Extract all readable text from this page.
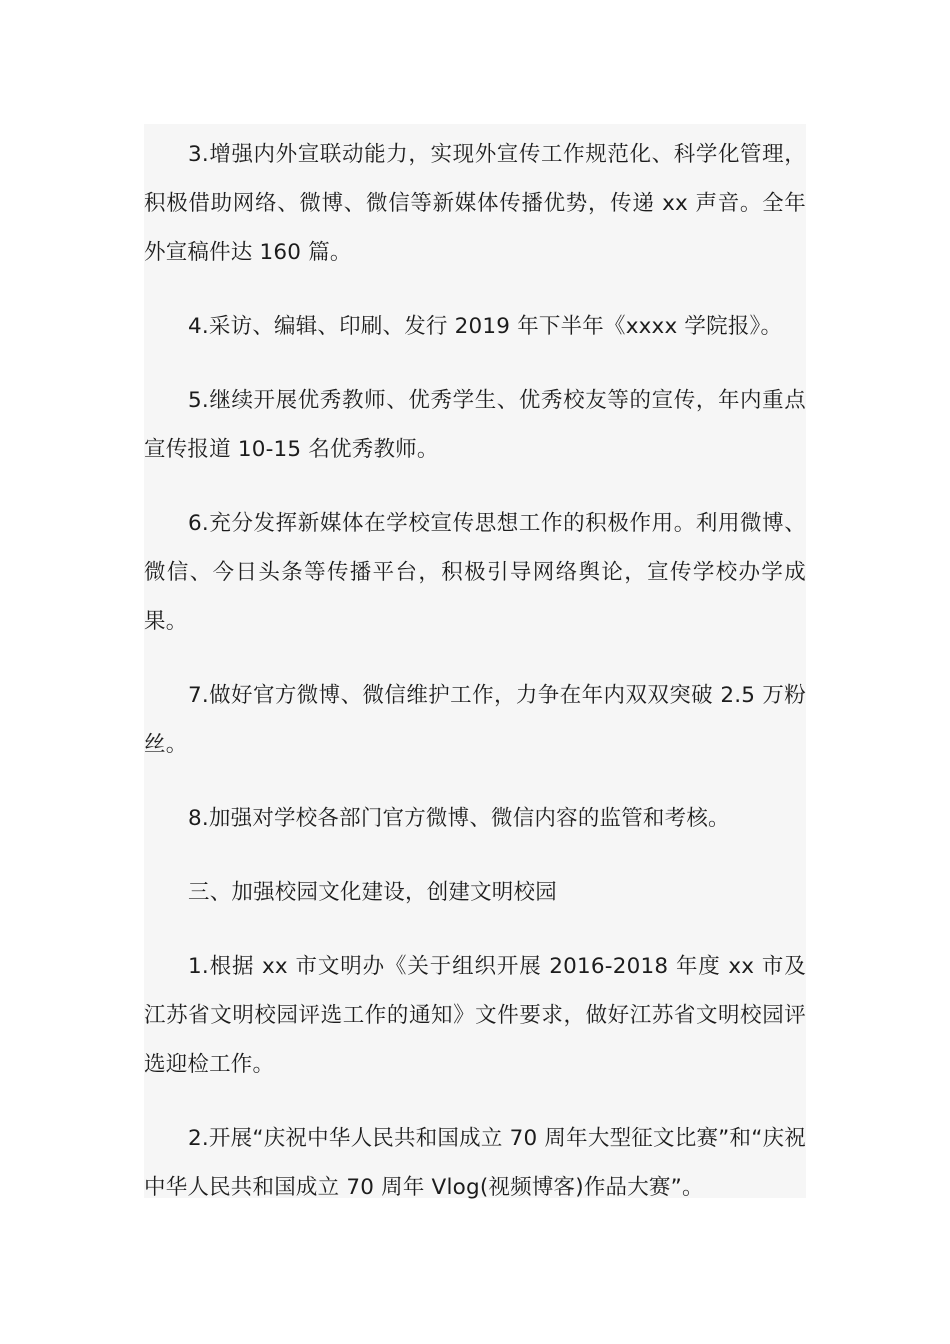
3.增强内外宣联动能力，实现外宣传工作规范化、科学化管理，积极借助网络、微博、微信等新媒体传播优势，传递 xx 声音。全年外宣稿件达 160 篇。

4.采访、编辑、印刷、发行 2019 年下半年《xxxx 学院报》。

5.继续开展优秀教师、优秀学生、优秀校友等的宣传，年内重点宣传报道 10-15 名优秀教师。

6.充分发挥新媒体在学校宣传思想工作的积极作用。利用微博、微信、今日头条等传播平台，积极引导网络舆论，宣传学校办学成果。

7.做好官方微博、微信维护工作，力争在年内双双突破 2.5 万粉丝。

8.加强对学校各部门官方微博、微信内容的监管和考核。

三、加强校园文化建设，创建文明校园

1.根据 xx 市文明办《关于组织开展 2016-2018 年度 xx 市及江苏省文明校园评选工作的通知》文件要求，做好江苏省文明校园评选迎检工作。

2.开展“庆祝中华人民共和国成立 70 周年大型征文比赛”和“庆祝中华人民共和国成立 70 周年 Vlog(视频博客)作品大赛”。
